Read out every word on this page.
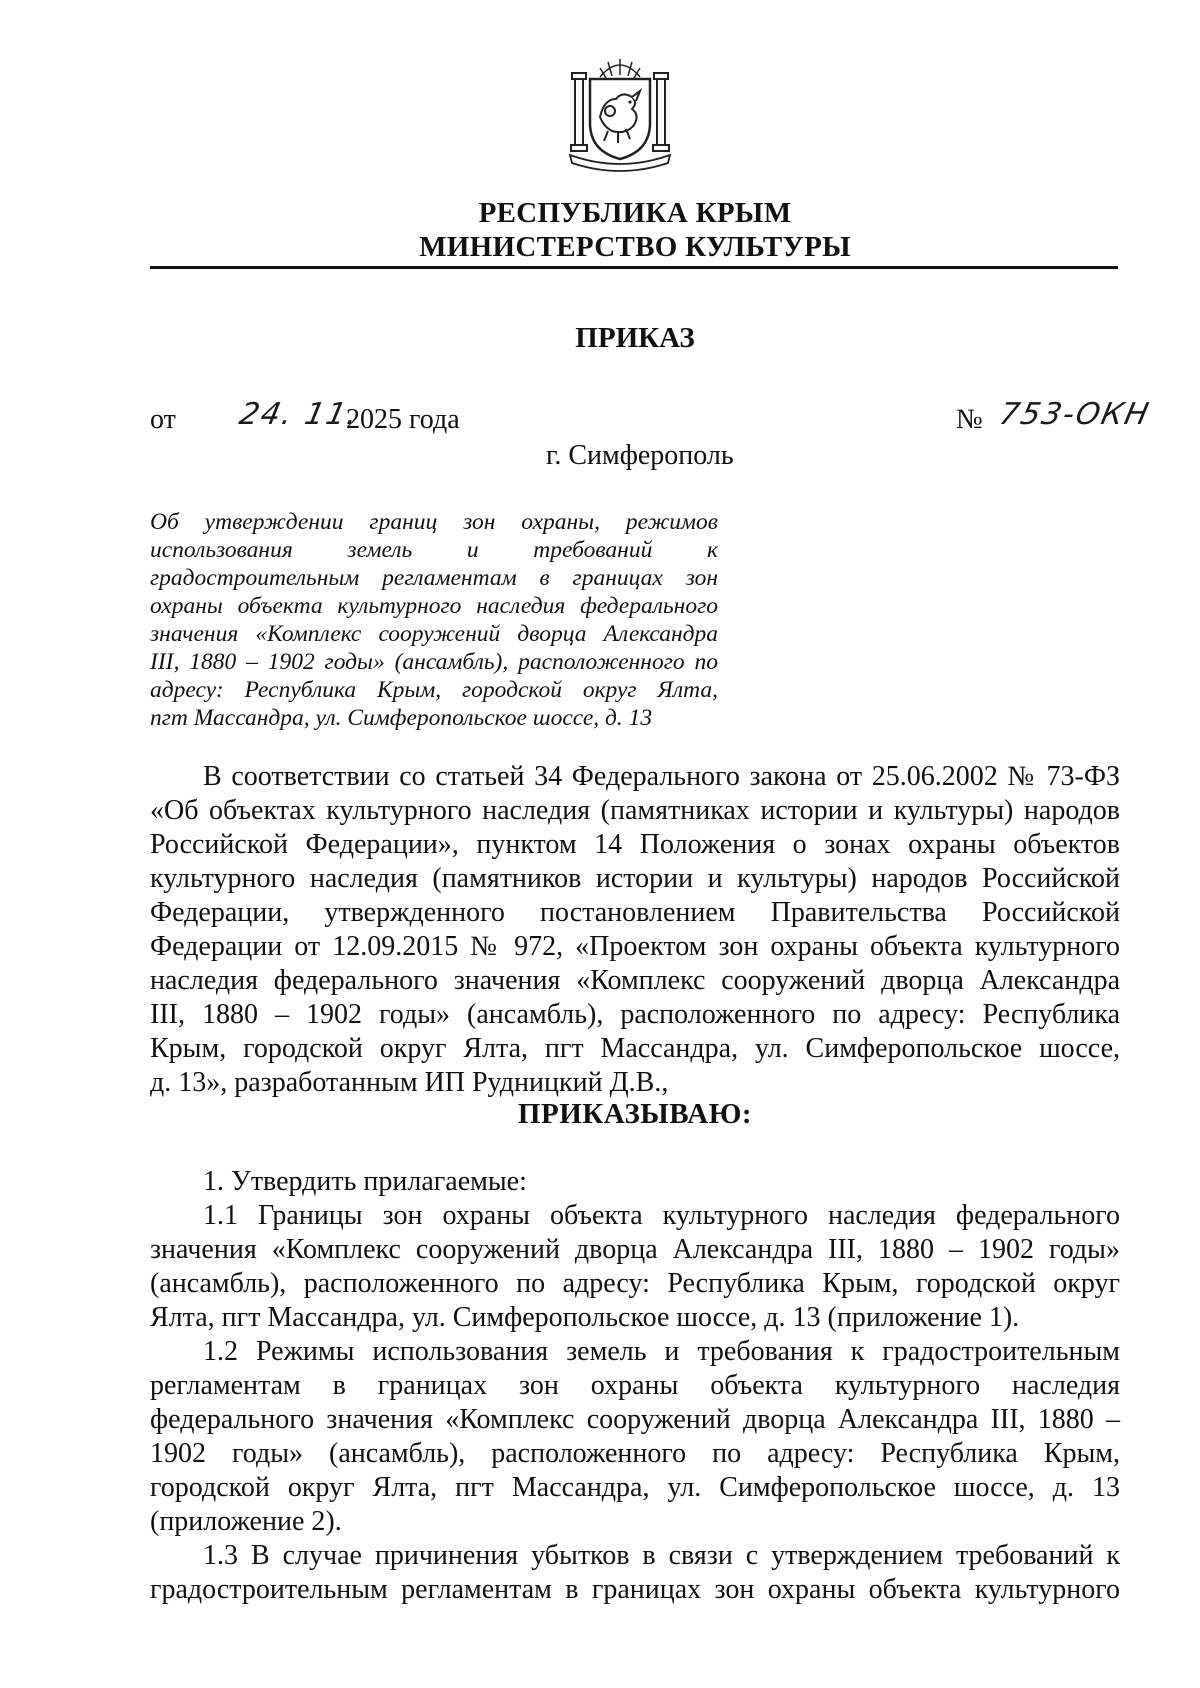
РЕСПУБЛИКА КРЫМ
МИНИСТЕРСТВО КУЛЬТУРЫ
ПРИКАЗ
от 24. 11.
2025 года	№ 753-ОКН
г. Симферополь

Об утверждении границ зон охраны, режимов

использования земель и требований к

градостроительным регламентам в границах зон

охраны объекта культурного наследия федерального

значения «Комплекс сооружений дворца Александра

III, 1880 – 1902 годы» (ансамбль), расположенного по

адресу: Республика Крым, городской округ Ялта,

пгт Массандра, ул. Симферопольское шоссе, д. 13

В соответствии со статьей 34 Федерального закона от 25.06.2002 № 73-ФЗ

«Об объектах культурного наследия (памятниках истории и культуры) народов

Российской Федерации», пунктом 14 Положения о зонах охраны объектов

культурного наследия (памятников истории и культуры) народов Российской

Федерации, утвержденного постановлением Правительства Российской

Федерации от 12.09.2015 № 972, «Проектом зон охраны объекта культурного

наследия федерального значения «Комплекс сооружений дворца Александра

III, 1880 – 1902 годы» (ансамбль), расположенного по адресу: Республика

Крым, городской округ Ялта, пгт Массандра, ул. Симферопольское шоссе,

д. 13», разработанным ИП Рудницкий Д.В.,

ПРИКАЗЫВАЮ:

1. Утвердить прилагаемые:

1.1 Границы зон охраны объекта культурного наследия федерального

значения «Комплекс сооружений дворца Александра III, 1880 – 1902 годы»

(ансамбль), расположенного по адресу: Республика Крым, городской округ

Ялта, пгт Массандра, ул. Симферопольское шоссе, д. 13 (приложение 1).

1.2 Режимы использования земель и требования к градостроительным

регламентам в границах зон охраны объекта культурного наследия

федерального значения «Комплекс сооружений дворца Александра III, 1880 –

1902 годы» (ансамбль), расположенного по адресу: Республика Крым,

городской округ Ялта, пгт Массандра, ул. Симферопольское шоссе, д. 13

(приложение 2).

1.3 В случае причинения убытков в связи с утверждением требований к

градостроительным регламентам в границах зон охраны объекта культурного
